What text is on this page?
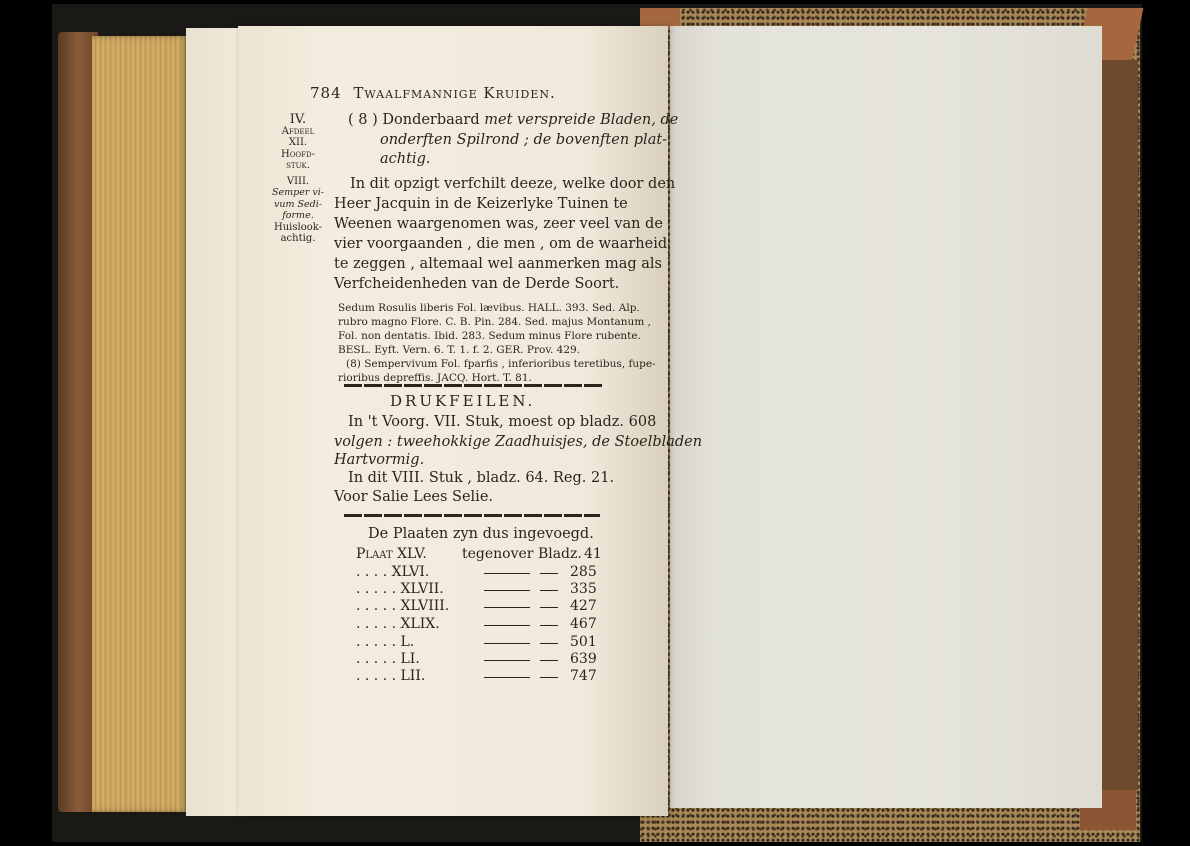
784 Twaalfmannige Kruiden.
IV.
Afdeel
XII.
Hoofd-
stuk.
VIII.
Semper vi-
vum Sedi-
forme.
Huislook-
achtig.
( 8 ) Donderbaard met verspreide Bladen, de
onderften Spilrond ; de bovenften plat-
achtig.
In dit opzigt verfchilt deeze, welke door den
Heer Jacquin in de Keizerlyke Tuinen te
Weenen waargenomen was, zeer veel van de
vier voorgaanden , die men , om de waarheid
te zeggen , altemaal wel aanmerken mag als
Verfcheidenheden van de Derde Soort.
Sedum Rosulis liberis Fol. lævibus. HALL. 393. Sed. Alp.
rubro magno Flore. C. B. Pin. 284. Sed. majus Montanum ,
Fol. non dentatis. Ibid. 283. Sedum minus Flore rubente.
BESL. Eyft. Vern. 6. T. 1. f. 2. GER. Prov. 429.
(8) Sempervivum Fol. fparfis , inferioribus teretibus, fupe-
rioribus depreffis. JACQ. Hort. T. 81.
DRUKFEILEN.
In 't Voorg. VII. Stuk, moest op bladz. 608
volgen : tweehokkige Zaadhuisjes, de Stoelbladen
Hartvormig.
In dit VIII. Stuk , bladz. 64. Reg. 21.
Voor Salie Lees Selie.
De Plaaten zyn dus ingevoegd.
Plaat XLV.	tegenover Bladz. 41
. . . . XLVI.	285
. . . . . XLVII.	335
. . . . . XLVIII.	427
. . . . . XLIX.	467
. . . . . L.	501
. . . . . LI.	639
. . . . . LII.	747
